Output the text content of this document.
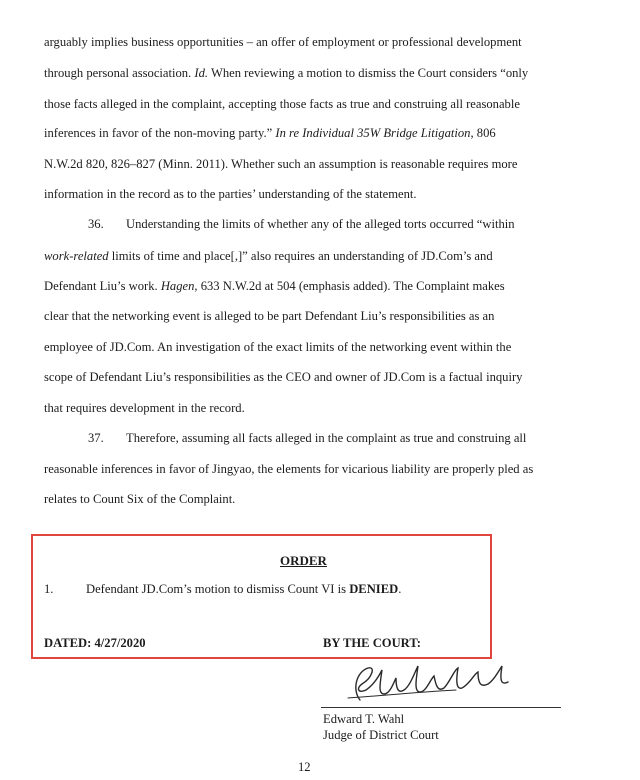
arguably implies business opportunities – an offer of employment or professional development
through personal association. Id. When reviewing a motion to dismiss the Court considers “only
those facts alleged in the complaint, accepting those facts as true and construing all reasonable
inferences in favor of the non-moving party.” In re Individual 35W Bridge Litigation, 806
N.W.2d 820, 826–827 (Minn. 2011). Whether such an assumption is reasonable requires more
information in the record as to the parties’ understanding of the statement.
36. Understanding the limits of whether any of the alleged torts occurred “within
work-related limits of time and place[,]” also requires an understanding of JD.Com’s and
Defendant Liu’s work. Hagen, 633 N.W.2d at 504 (emphasis added). The Complaint makes
clear that the networking event is alleged to be part Defendant Liu’s responsibilities as an
employee of JD.Com. An investigation of the exact limits of the networking event within the
scope of Defendant Liu’s responsibilities as the CEO and owner of JD.Com is a factual inquiry
that requires development in the record.
37. Therefore, assuming all facts alleged in the complaint as true and construing all
reasonable inferences in favor of Jingyao, the elements for vicarious liability are properly pled as
relates to Count Six of the Complaint.
ORDER
1.	Defendant JD.Com’s motion to dismiss Count VI is DENIED.
DATED: 4/27/2020	BY THE COURT:
Edward T. Wahl
Judge of District Court
12
